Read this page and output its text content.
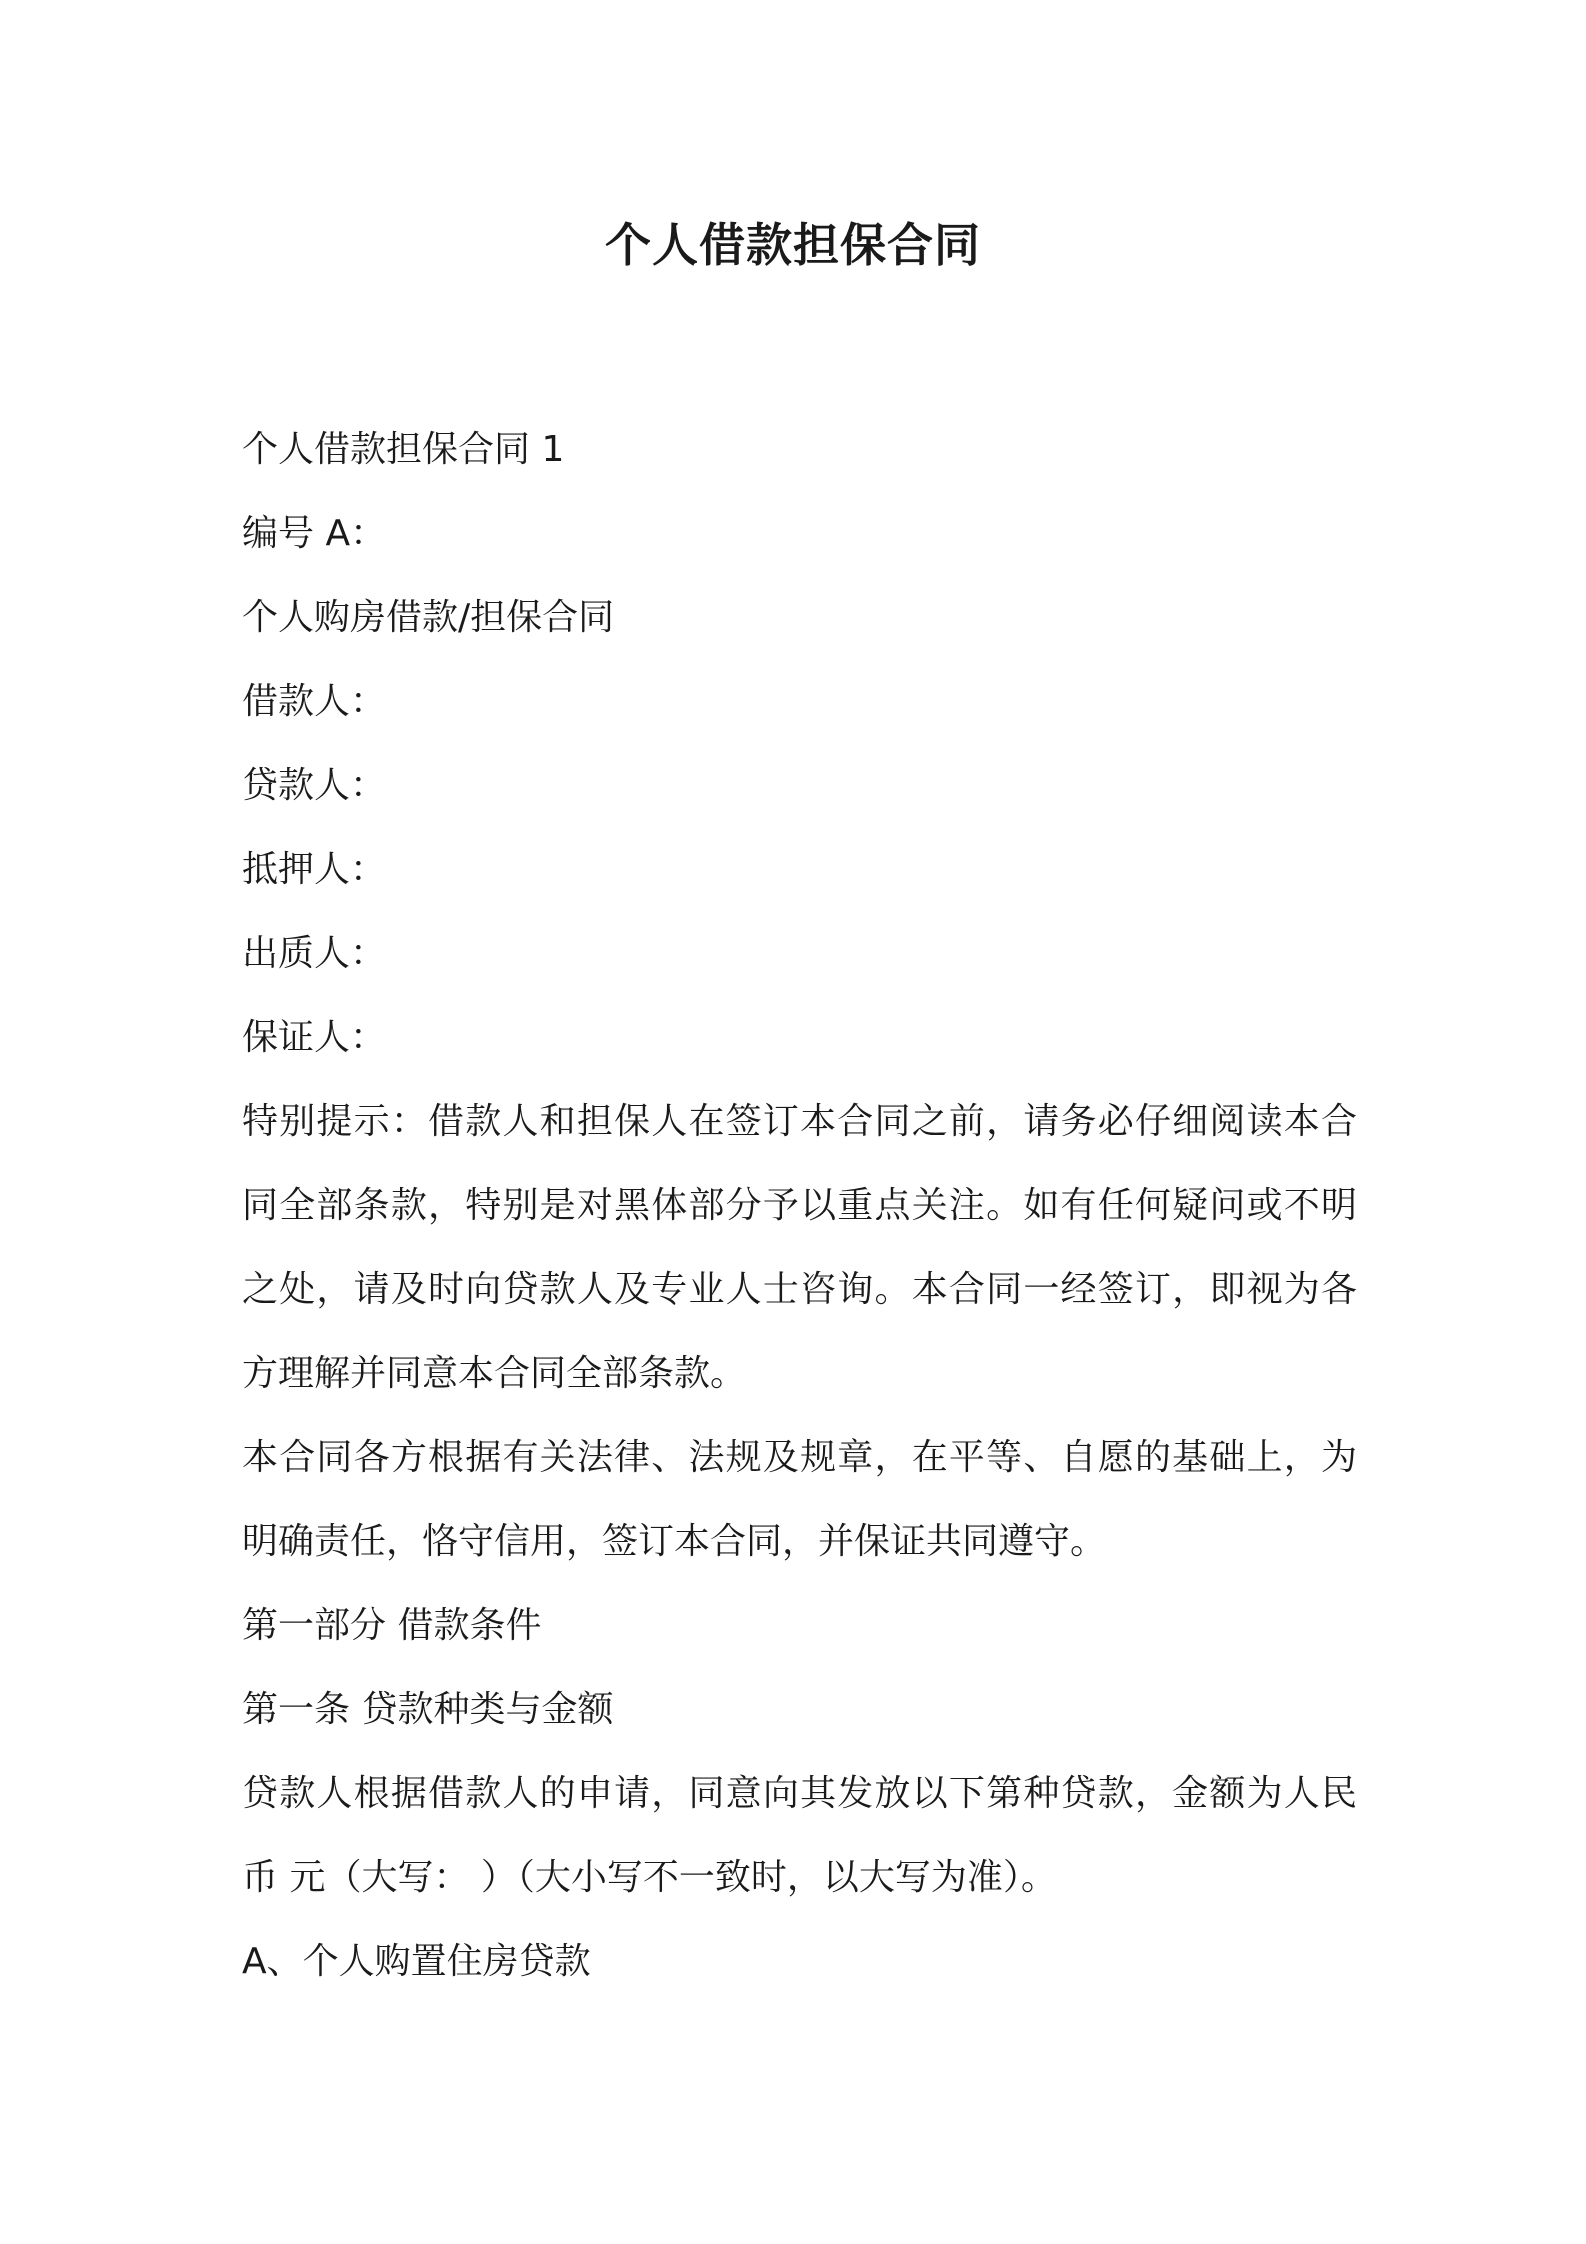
个人借款担保合同
个人借款担保合同 1
编号 A：
个人购房借款/担保合同
借款人：
贷款人：
抵押人：
出质人：
保证人：
特别提示：借款人和担保人在签订本合同之前，请务必仔细阅读本合同全部条款，特别是对黑体部分予以重点关注。如有任何疑问或不明之处，请及时向贷款人及专业人士咨询。本合同一经签订，即视为各方理解并同意本合同全部条款。
本合同各方根据有关法律、法规及规章，在平等、自愿的基础上，为明确责任，恪守信用，签订本合同，并保证共同遵守。
第一部分 借款条件
第一条 贷款种类与金额
贷款人根据借款人的申请，同意向其发放以下第种贷款，金额为人民币 元（大写： ）（大小写不一致时，以大写为准）。
A、个人购置住房贷款
